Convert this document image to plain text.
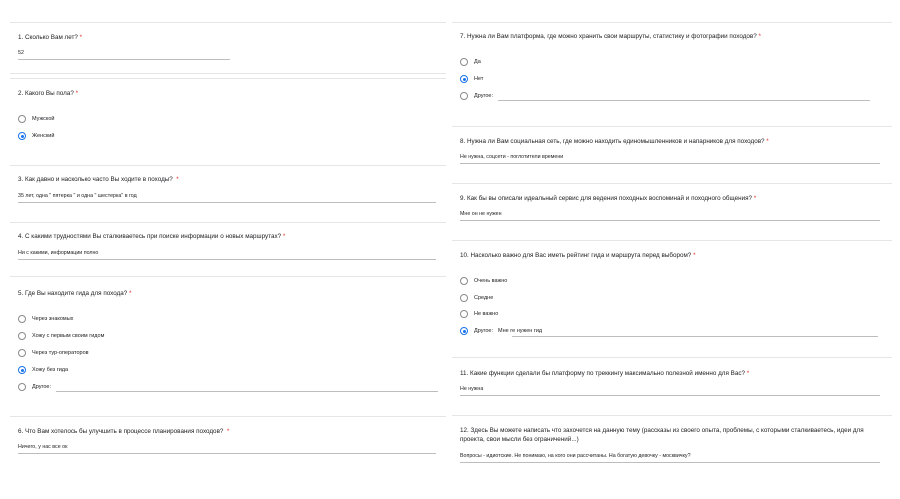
1. Сколько Вам лет? *
52
2. Какого Вы пола? *
Мужской
Женский
3. Как давно и насколько часто Вы ходите в походы? *
35 лет, одна " пятерка " и одна " шестерка" в год
4. С какими трудностями Вы сталкиваетесь при поиске информации о новых маршрутах? *
Ни с какими, информации полно
5. Где Вы находите гида для похода? *
Через знакомых
Хожу с первым своим гидом
Через тур-операторов
Хожу без гида
Другое:
6. Что Вам хотелось бы улучшить в процессе планирования походов? *
Ничего, у нас все ок
7. Нужна ли Вам платформа, где можно хранить свои маршруты, статистику и фотографии походов? *
Да
Нет
Другое:
8. Нужна ли Вам социальная сеть, где можно находить единомышленников и напарников для походов? *
Не нужна, соцсети - поглотители времени
9. Как бы вы описали идеальный сервис для ведения походных воспоминай и походного общения? *
Мне он не нужен
10. Насколько важно для Вас иметь рейтинг гида и маршрута перед выбором? *
Очень важно
Средне
Не важно
Другое: Мне ге нужен гид
11. Какие функции сделали бы платформу по треккингу максимально полезной именно для Вас? *
Не нужна
12. Здесь Вы можете написать что захочется на данную тему (рассказы из своего опыта, проблемы, с которыми сталкиваетесь, идеи для проекта, свои мысли без ограничений...)
Вопросы - идиотские. Не понимаю, на кого они рассчитаны. На богатую девочку - москвичку?
